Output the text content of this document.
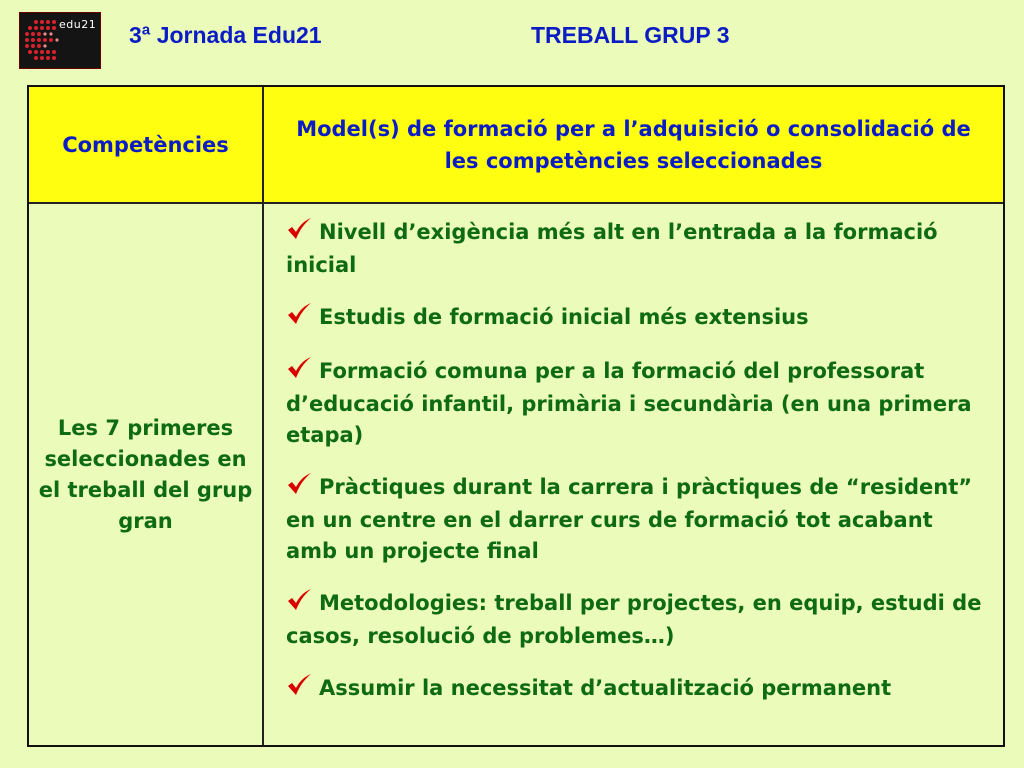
edu21 3ª Jornada Edu21	TREBALL GRUP 3
Competències
Model(s) de formació per a l’adquisició o consolidació de les competències seleccionades
Les 7 primeres seleccionades en el treball del grup gran
Nivell d’exigència més alt en l’entrada a la formació inicial
Estudis de formació inicial més extensius
Formació comuna per a la formació del professorat d’educació infantil, primària i secundària (en una primera etapa)
Pràctiques durant la carrera i pràctiques de “resident” en un centre en el darrer curs de formació tot acabant amb un projecte final
Metodologies: treball per projectes, en equip, estudi de casos, resolució de problemes…)
Assumir la necessitat d’actualització permanent
